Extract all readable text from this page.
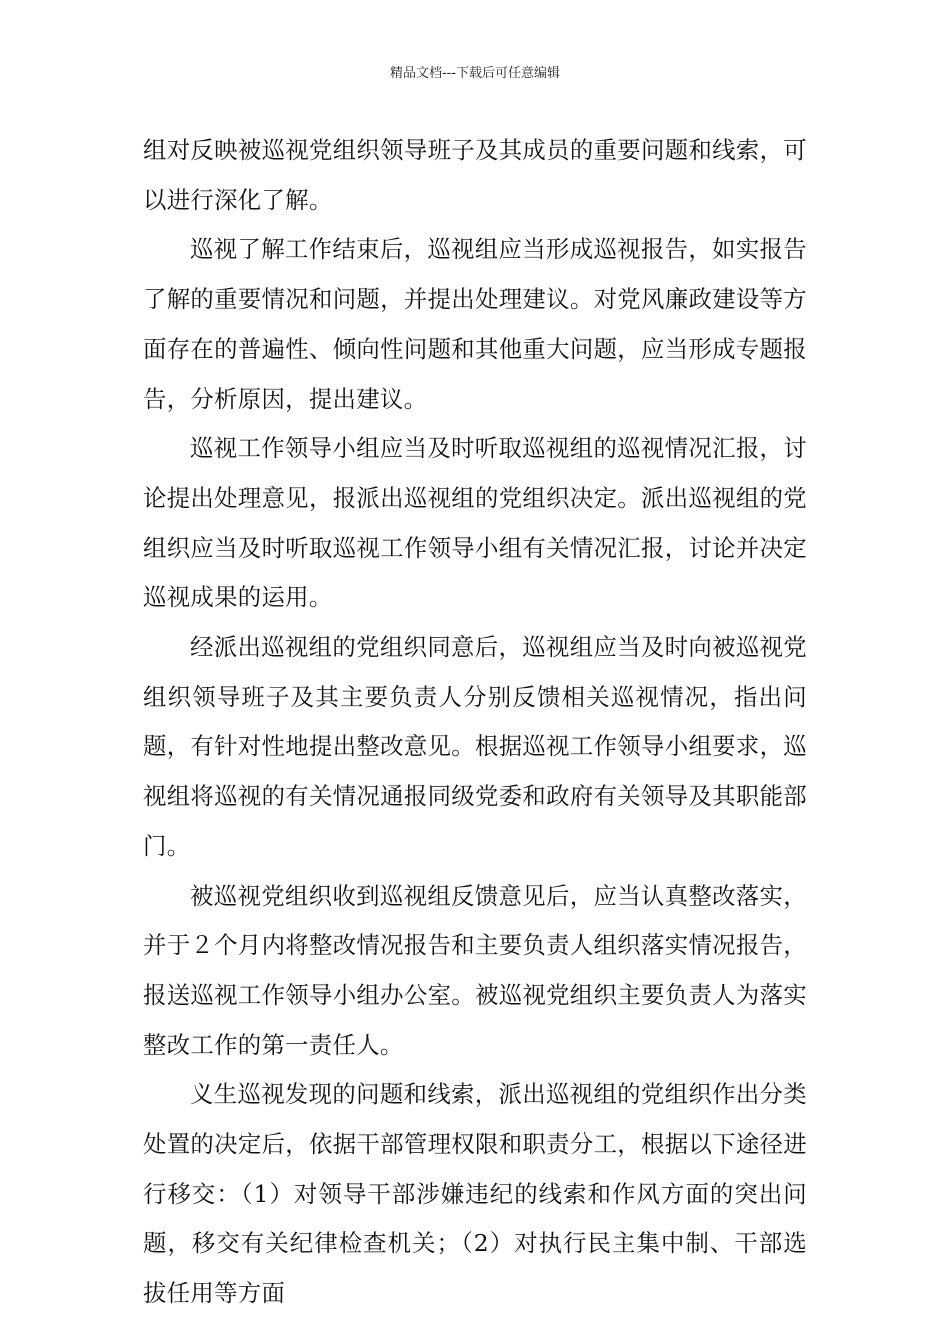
精品文档---下载后可任意编辑

组对反映被巡视党组织领导班子及其成员的重要问题和线索，可以进行深化了解。

巡视了解工作结束后，巡视组应当形成巡视报告，如实报告了解的重要情况和问题，并提出处理建议。对党风廉政建设等方面存在的普遍性、倾向性问题和其他重大问题，应当形成专题报告，分析原因，提出建议。

巡视工作领导小组应当及时听取巡视组的巡视情况汇报，讨论提出处理意见，报派出巡视组的党组织决定。派出巡视组的党组织应当及时听取巡视工作领导小组有关情况汇报，讨论并决定巡视成果的运用。

经派出巡视组的党组织同意后，巡视组应当及时向被巡视党组织领导班子及其主要负责人分别反馈相关巡视情况，指出问题，有针对性地提出整改意见。根据巡视工作领导小组要求，巡视组将巡视的有关情况通报同级党委和政府有关领导及其职能部门。

被巡视党组织收到巡视组反馈意见后，应当认真整改落实，并于２个月内将整改情况报告和主要负责人组织落实情况报告，报送巡视工作领导小组办公室。被巡视党组织主要负责人为落实整改工作的第一责任人。

义生巡视发现的问题和线索，派出巡视组的党组织作出分类处置的决定后，依据干部管理权限和职责分工，根据以下途径进行移交：（1）对领导干部涉嫌违纪的线索和作风方面的突出问题，移交有关纪律检查机关；（2）对执行民主集中制、干部选拔任用等方面
